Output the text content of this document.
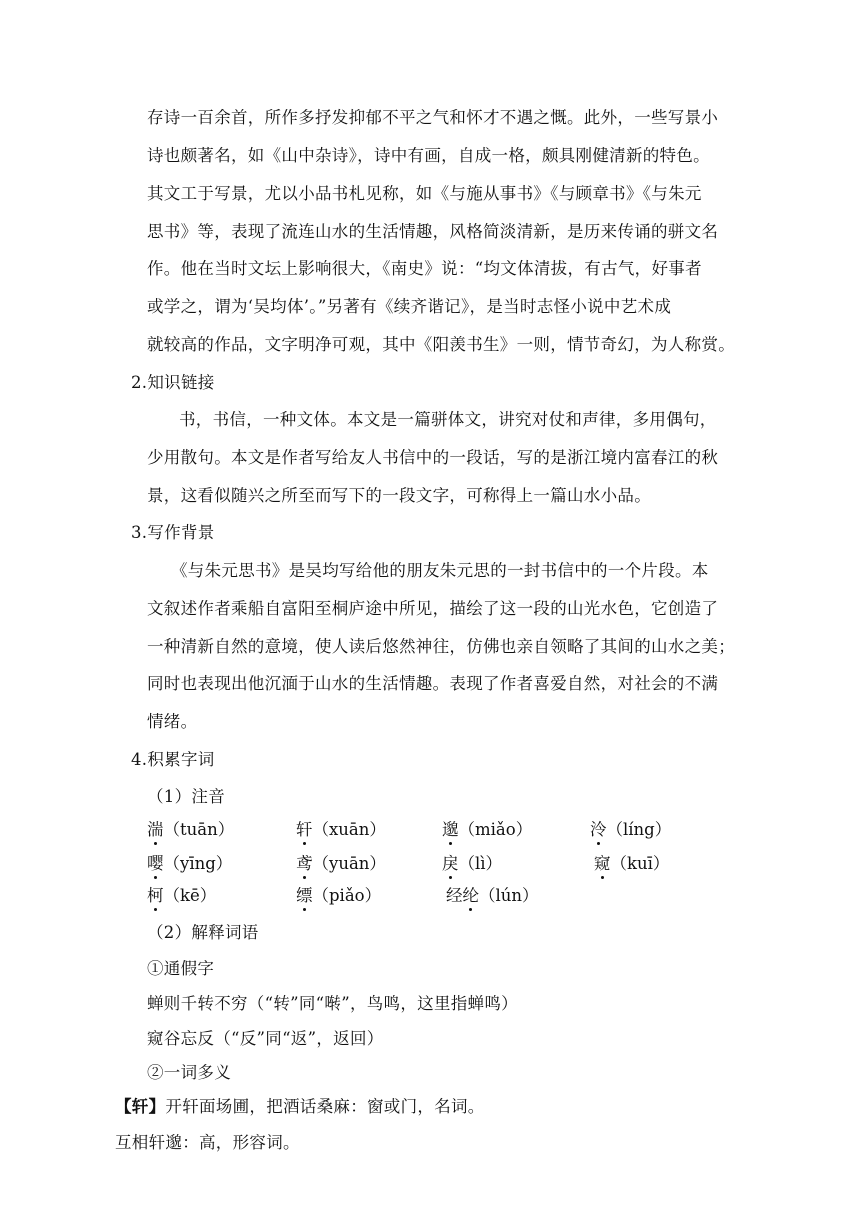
存诗一百余首，所作多抒发抑郁不平之气和怀才不遇之慨。此外，一些写景小
诗也颇著名，如《山中杂诗》，诗中有画，自成一格，颇具刚健清新的特色。
其文工于写景，尤以小品书札见称，如《与施从事书》《与顾章书》《与朱元
思书》等，表现了流连山水的生活情趣，风格简淡清新，是历来传诵的骈文名
作。他在当时文坛上影响很大，《南史》说：“均文体清拔，有古气，好事者
或学之，谓为‘吴均体’。”另著有《续齐谐记》，是当时志怪小说中艺术成
就较高的作品，文字明净可观，其中《阳羡书生》一则，情节奇幻，为人称赏。
2.知识链接
书，书信，一种文体。本文是一篇骈体文，讲究对仗和声律，多用偶句，
少用散句。本文是作者写给友人书信中的一段话，写的是浙江境内富春江的秋
景，这看似随兴之所至而写下的一段文字，可称得上一篇山水小品。
3.写作背景
《与朱元思书》是吴均写给他的朋友朱元思的一封书信中的一个片段。本
文叙述作者乘船自富阳至桐庐途中所见，描绘了这一段的山光水色，它创造了
一种清新自然的意境，使人读后悠然神往，仿佛也亲自领略了其间的山水之美；
同时也表现出他沉湎于山水的生活情趣。表现了作者喜爱自然，对社会的不满
情绪。
4.积累字词
（1）注音
湍（tuān）	轩（xuān）	邈（miǎo）	泠（líng）
嘤（yīng）	鸢（yuān）	戾（lì）	窥（kuī）
柯（kē）	缥（piǎo）	经纶（lún）
（2）解释词语
①通假字
蝉则千转不穷（“转”同“啭”，鸟鸣，这里指蝉鸣）
窥谷忘反（“反”同“返”，返回）
②一词多义
【轩】开轩面场圃，把酒话桑麻：窗或门，名词。
互相轩邈：高，形容词。
